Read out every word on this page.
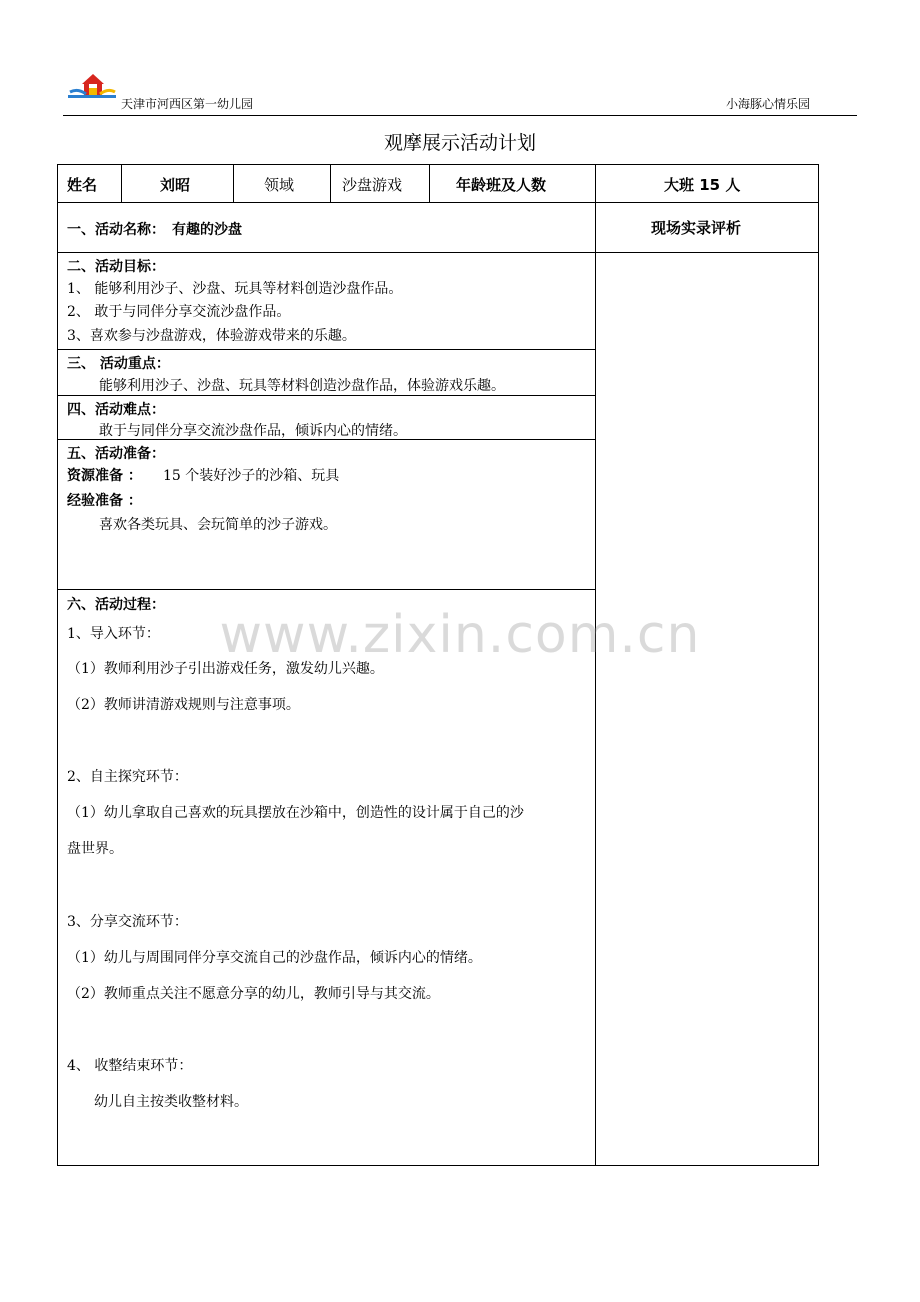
天津市河西区第一幼儿园	小海豚心情乐园
观摩展示活动计划
姓名	刘昭	领域	沙盘游戏	年龄班及人数	大班 15 人
一、活动名称：　有趣的沙盘	现场实录评析
二、活动目标：
1、 能够利用沙子、沙盘、玩具等材料创造沙盘作品。
2、 敢于与同伴分享交流沙盘作品。
3、喜欢参与沙盘游戏，体验游戏带来的乐趣。
三、 活动重点：
能够利用沙子、沙盘、玩具等材料创造沙盘作品，体验游戏乐趣。
四、活动难点：
敢于与同伴分享交流沙盘作品，倾诉内心的情绪。
五、活动准备：
资源准备 ： 15 个装好沙子的沙箱、玩具
经验准备 ：
喜欢各类玩具、会玩简单的沙子游戏。
六、活动过程：
1、导入环节：
（1）教师利用沙子引出游戏任务，激发幼儿兴趣。
（2）教师讲清游戏规则与注意事项。
2、自主探究环节：
（1）幼儿拿取自己喜欢的玩具摆放在沙箱中，创造性的设计属于自己的沙
盘世界。
3、分享交流环节：
（1）幼儿与周围同伴分享交流自己的沙盘作品，倾诉内心的情绪。
（2）教师重点关注不愿意分享的幼儿，教师引导与其交流。
4、 收整结束环节：
幼儿自主按类收整材料。
www.zixin.com.cn
